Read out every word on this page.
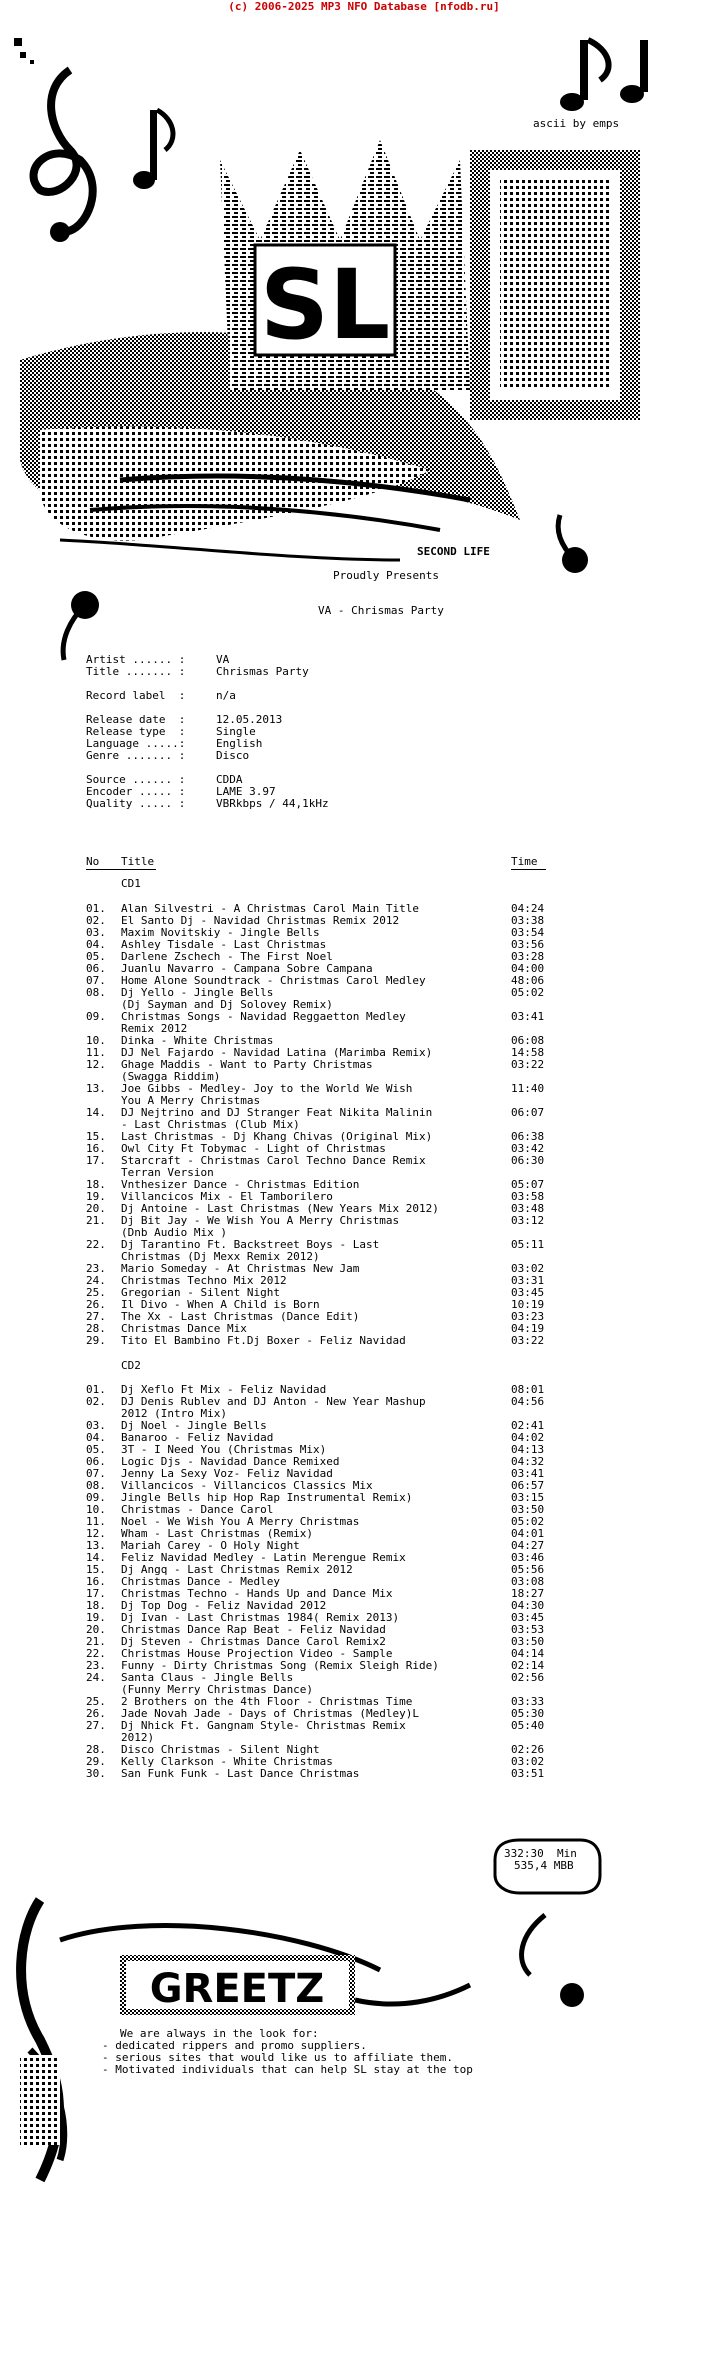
(c) 2006-2025 MP3 NFO Database [nfodb.ru]
SL
GREETZ
ascii by emps
SECOND LIFE
Proudly Presents
VA - Chrismas Party
Artist ...... :	VA
Title ....... :	Chrismas Party
Record label  :	n/a
Release date  :	12.05.2013
Release type  :	Single
Language .....:	English
Genre ....... :	Disco
Source ...... :	CDDA
Encoder ..... :	LAME 3.97
Quality ..... :	VBRkbps / 44,1kHz
No Title	Time
CD1
01.	Alan Silvestri - A Christmas Carol Main Title	04:24
02.	El Santo Dj - Navidad Christmas Remix 2012	03:38
03.	Maxim Novitskiy - Jingle Bells	03:54
04.	Ashley Tisdale - Last Christmas	03:56
05.	Darlene Zschech - The First Noel	03:28
06.	Juanlu Navarro - Campana Sobre Campana	04:00
07.	Home Alone Soundtrack - Christmas Carol Medley	48:06
08.	Dj Yello - Jingle Bells	05:02
(Dj Sayman and Dj Solovey Remix)
09.	Christmas Songs - Navidad Reggaetton Medley	03:41
Remix 2012
10.	Dinka - White Christmas	06:08
11.	DJ Nel Fajardo - Navidad Latina (Marimba Remix)	14:58
12.	Ghage Maddis - Want to Party Christmas	03:22
(Swagga Riddim)
13.	Joe Gibbs - Medley- Joy to the World We Wish	11:40
You A Merry Christmas
14.	DJ Nejtrino and DJ Stranger Feat Nikita Malinin	06:07
- Last Christmas (Club Mix)
15.	Last Christmas - Dj Khang Chivas (Original Mix)	06:38
16.	Owl City Ft Tobymac - Light of Christmas	03:42
17.	Starcraft - Christmas Carol Techno Dance Remix	06:30
Terran Version
18.	Vnthesizer Dance - Christmas Edition	05:07
19.	Villancicos Mix - El Tamborilero	03:58
20.	Dj Antoine - Last Christmas (New Years Mix 2012)	03:48
21.	Dj Bit Jay - We Wish You A Merry Christmas	03:12
(Dnb Audio Mix )
22.	Dj Tarantino Ft. Backstreet Boys - Last	05:11
Christmas (Dj Mexx Remix 2012)
23.	Mario Someday - At Christmas New Jam	03:02
24.	Christmas Techno Mix 2012	03:31
25.	Gregorian - Silent Night	03:45
26.	Il Divo - When A Child is Born	10:19
27.	The Xx - Last Christmas (Dance Edit)	03:23
28.	Christmas Dance Mix	04:19
29.	Tito El Bambino Ft.Dj Boxer - Feliz Navidad	03:22
CD2
01.	Dj Xeflo Ft Mix - Feliz Navidad	08:01
02.	DJ Denis Rublev and DJ Anton - New Year Mashup	04:56
2012 (Intro Mix)
03.	Dj Noel - Jingle Bells	02:41
04.	Banaroo - Feliz Navidad	04:02
05.	3T - I Need You (Christmas Mix)	04:13
06.	Logic Djs - Navidad Dance Remixed	04:32
07.	Jenny La Sexy Voz- Feliz Navidad	03:41
08.	Villancicos - Villancicos Classics Mix	06:57
09.	Jingle Bells hip Hop Rap Instrumental Remix)	03:15
10.	Christmas - Dance Carol	03:50
11.	Noel - We Wish You A Merry Christmas	05:02
12.	Wham - Last Christmas (Remix)	04:01
13.	Mariah Carey - O Holy Night	04:27
14.	Feliz Navidad Medley - Latin Merengue Remix	03:46
15.	Dj Angq - Last Christmas Remix 2012	05:56
16.	Christmas Dance - Medley	03:08
17.	Christmas Techno - Hands Up and Dance Mix	18:27
18.	Dj Top Dog - Feliz Navidad 2012	04:30
19.	Dj Ivan - Last Christmas 1984( Remix 2013)	03:45
20.	Christmas Dance Rap Beat - Feliz Navidad	03:53
21.	Dj Steven - Christmas Dance Carol Remix2	03:50
22.	Christmas House Projection Video - Sample	04:14
23.	Funny - Dirty Christmas Song (Remix Sleigh Ride)	02:14
24.	Santa Claus - Jingle Bells	02:56
(Funny Merry Christmas Dance)
25.	2 Brothers on the 4th Floor - Christmas Time	03:33
26.	Jade Novah Jade - Days of Christmas (Medley)L	05:30
27.	Dj Nhick Ft. Gangnam Style- Christmas Remix	05:40
2012)
28.	Disco Christmas - Silent Night	02:26
29.	Kelly Clarkson - White Christmas	03:02
30.	San Funk Funk - Last Dance Christmas	03:51
332:30  Min
535,4 MBB
We are always in the look for:
- dedicated rippers and promo suppliers.
- serious sites that would like us to affiliate them.
- Motivated individuals that can help SL stay at the top
